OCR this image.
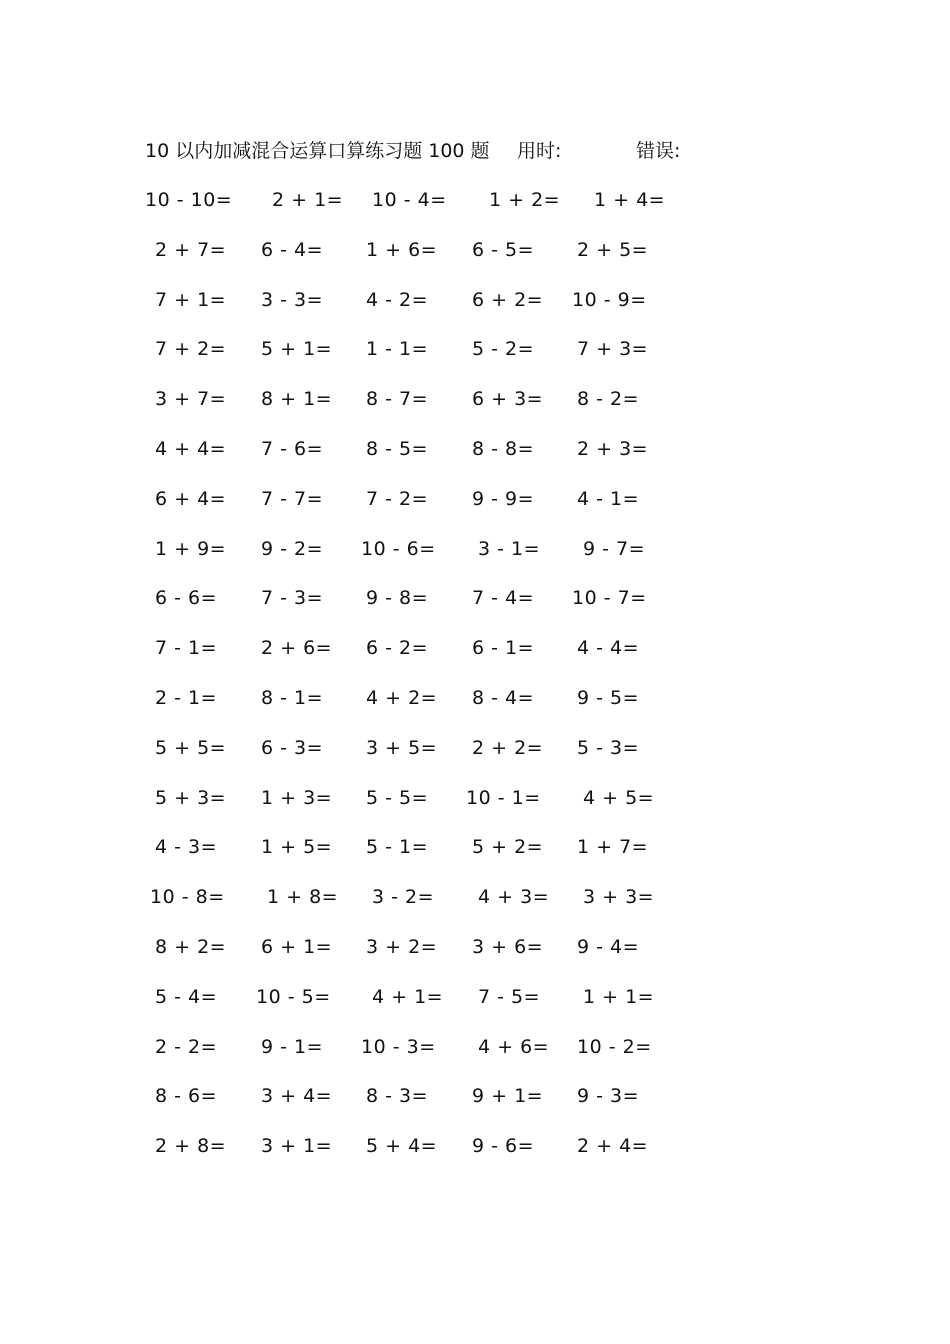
10 以内加减混合运算口算练习题 100 题 用时:	错误:
10 - 10= 2 + 1= 10 - 4= 1 + 2= 1 + 4=
2 + 7= 6 - 4= 1 + 6= 6 - 5= 2 + 5=
7 + 1= 3 - 3= 4 - 2= 6 + 2= 10 - 9=
7 + 2= 5 + 1= 1 - 1= 5 - 2= 7 + 3=
3 + 7= 8 + 1= 8 - 7= 6 + 3= 8 - 2=
4 + 4= 7 - 6= 8 - 5= 8 - 8= 2 + 3=
6 + 4= 7 - 7= 7 - 2= 9 - 9= 4 - 1=
1 + 9= 9 - 2= 10 - 6= 3 - 1= 9 - 7=
6 - 6= 7 - 3= 9 - 8= 7 - 4= 10 - 7=
7 - 1= 2 + 6= 6 - 2= 6 - 1= 4 - 4=
2 - 1= 8 - 1= 4 + 2= 8 - 4= 9 - 5=
5 + 5= 6 - 3= 3 + 5= 2 + 2= 5 - 3=
5 + 3= 1 + 3= 5 - 5= 10 - 1= 4 + 5=
4 - 3= 1 + 5= 5 - 1= 5 + 2= 1 + 7=
10 - 8= 1 + 8= 3 - 2= 4 + 3= 3 + 3=
8 + 2= 6 + 1= 3 + 2= 3 + 6= 9 - 4=
5 - 4= 10 - 5= 4 + 1= 7 - 5= 1 + 1=
2 - 2= 9 - 1= 10 - 3= 4 + 6= 10 - 2=
8 - 6= 3 + 4= 8 - 3= 9 + 1= 9 - 3=
2 + 8= 3 + 1= 5 + 4= 9 - 6= 2 + 4=
